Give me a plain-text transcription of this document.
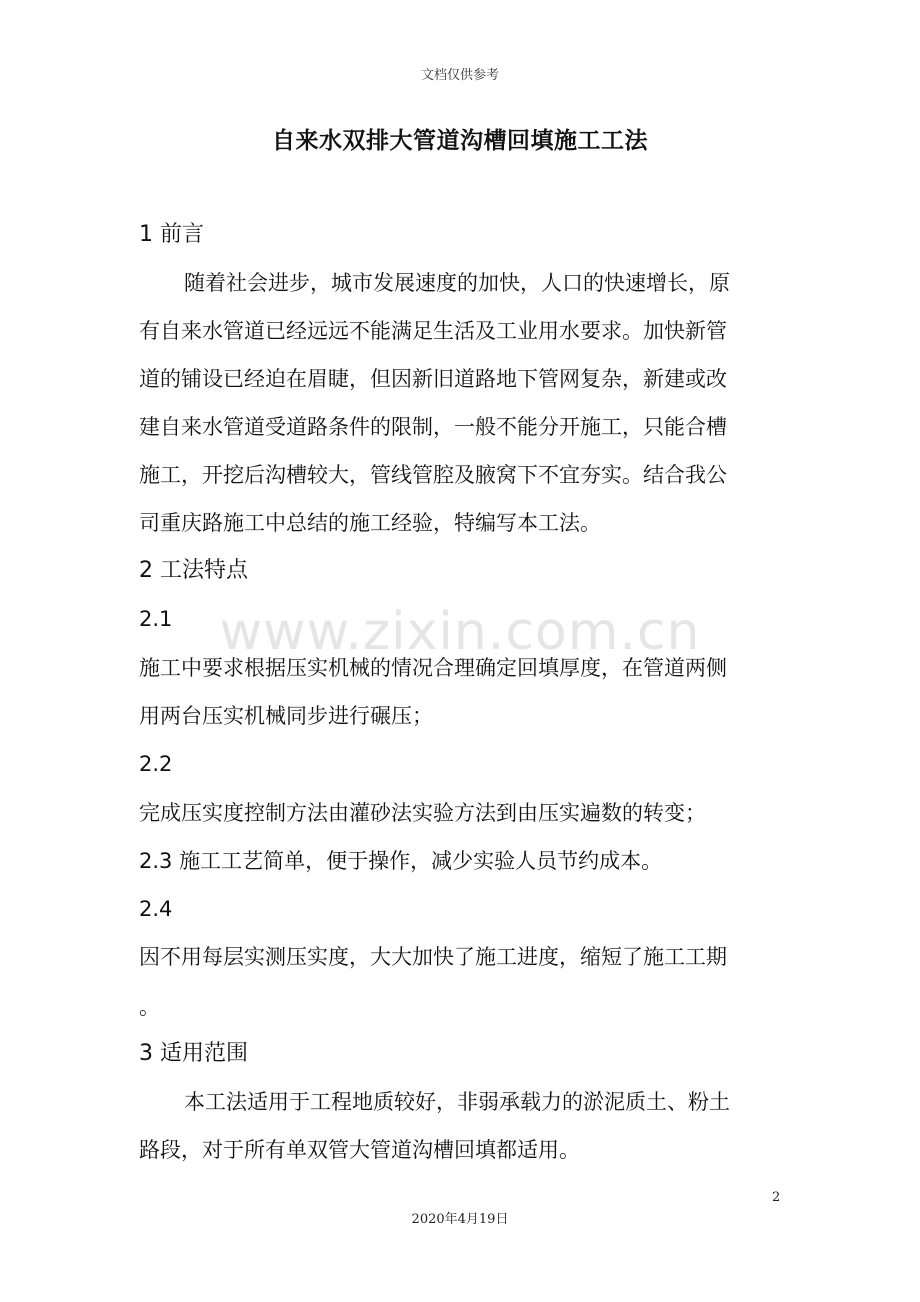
文档仅供参考
自来水双排大管道沟槽回填施工工法
www.zixin.com.cn
1 前言
随着社会进步，城市发展速度的加快，人口的快速增长，原
有自来水管道已经远远不能满足生活及工业用水要求。加快新管
道的铺设已经迫在眉睫，但因新旧道路地下管网复杂，新建或改
建自来水管道受道路条件的限制，一般不能分开施工，只能合槽
施工，开挖后沟槽较大，管线管腔及腋窝下不宜夯实。结合我公
司重庆路施工中总结的施工经验，特编写本工法。
2 工法特点
2.1
施工中要求根据压实机械的情况合理确定回填厚度，在管道两侧
用两台压实机械同步进行碾压；
2.2
完成压实度控制方法由灌砂法实验方法到由压实遍数的转变；
2.3 施工工艺简单，便于操作，减少实验人员节约成本。
2.4
因不用每层实测压实度，大大加快了施工进度，缩短了施工工期
。
3 适用范围
本工法适用于工程地质较好，非弱承载力的淤泥质土、粉土
路段，对于所有单双管大管道沟槽回填都适用。
2
2020年4月19日
